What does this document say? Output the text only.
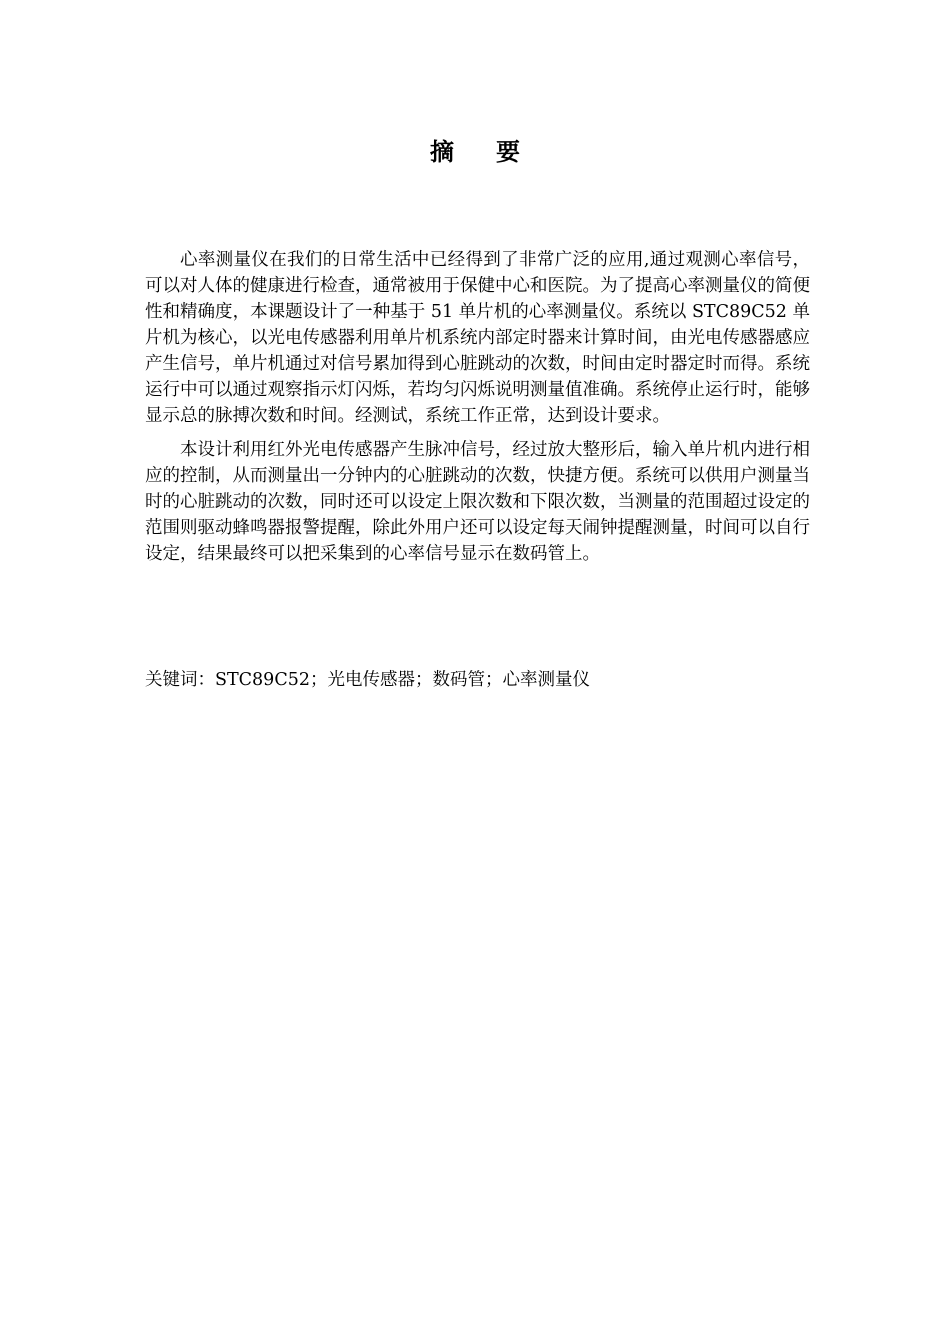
摘 要

心率测量仪在我们的日常生活中已经得到了非常广泛的应用,通过观测心率信号，可以对人体的健康进行检查，通常被用于保健中心和医院。为了提高心率测量仪的简便性和精确度，本课题设计了一种基于 51 单片机的心率测量仪。系统以 STC89C52 单片机为核心，以光电传感器利用单片机系统内部定时器来计算时间，由光电传感器感应产生信号，单片机通过对信号累加得到心脏跳动的次数，时间由定时器定时而得。系统运行中可以通过观察指示灯闪烁，若均匀闪烁说明测量值准确。系统停止运行时，能够显示总的脉搏次数和时间。经测试，系统工作正常，达到设计要求。

本设计利用红外光电传感器产生脉冲信号，经过放大整形后，输入单片机内进行相应的控制，从而测量出一分钟内的心脏跳动的次数，快捷方便。系统可以供用户测量当时的心脏跳动的次数，同时还可以设定上限次数和下限次数，当测量的范围超过设定的范围则驱动蜂鸣器报警提醒，除此外用户还可以设定每天闹钟提醒测量，时间可以自行设定，结果最终可以把采集到的心率信号显示在数码管上。

关键词：STC89C52；光电传感器；数码管；心率测量仪
